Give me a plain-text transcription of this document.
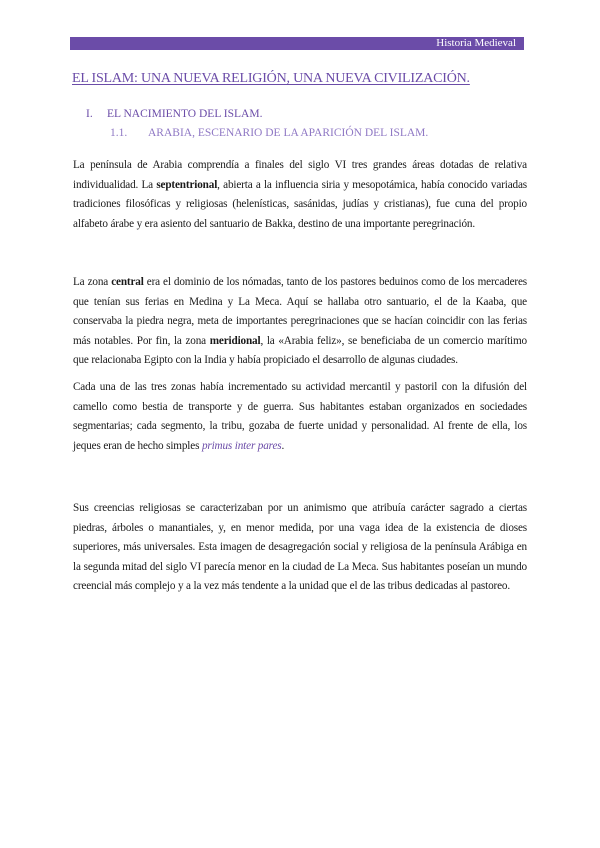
Historia Medieval
EL ISLAM: UNA NUEVA RELIGIÓN, UNA NUEVA CIVILIZACIÓN.
I. EL NACIMIENTO DEL ISLAM.
1.1. ARABIA, ESCENARIO DE LA APARICIÓN DEL ISLAM.

La península de Arabia comprendía a finales del siglo VI tres grandes áreas dotadas de relativa individualidad. La septentrional, abierta a la influencia siria y mesopotámica, había conocido variadas tradiciones filosóficas y religiosas (helenísticas, sasánidas, judías y cristianas), fue cuna del propio alfabeto árabe y era asiento del santuario de Bakka, destino de una importante peregrinación.

La zona central era el dominio de los nómadas, tanto de los pastores beduinos como de los mercaderes que tenían sus ferias en Medina y La Meca. Aquí se hallaba otro santuario, el de la Kaaba, que conservaba la piedra negra, meta de importantes peregrinaciones que se hacían coincidir con las ferias más notables. Por fin, la zona meridional, la «Arabia feliz», se beneficiaba de un comercio marítimo que relacionaba Egipto con la India y había propiciado el desarrollo de algunas ciudades.

Cada una de las tres zonas había incrementado su actividad mercantil y pastoril con la difusión del camello como bestia de transporte y de guerra. Sus habitantes estaban organizados en sociedades segmentarias; cada segmento, la tribu, gozaba de fuerte unidad y personalidad. Al frente de ella, los jeques eran de hecho simples primus inter pares.

Sus creencias religiosas se caracterizaban por un animismo que atribuía carácter sagrado a ciertas piedras, árboles o manantiales, y, en menor medida, por una vaga idea de la existencia de dioses superiores, más universales. Esta imagen de desagregación social y religiosa de la península Arábiga en la segunda mitad del siglo VI parecía menor en la ciudad de La Meca. Sus habitantes poseían un mundo creencial más complejo y a la vez más tendente a la unidad que el de las tribus dedicadas al pastoreo.
